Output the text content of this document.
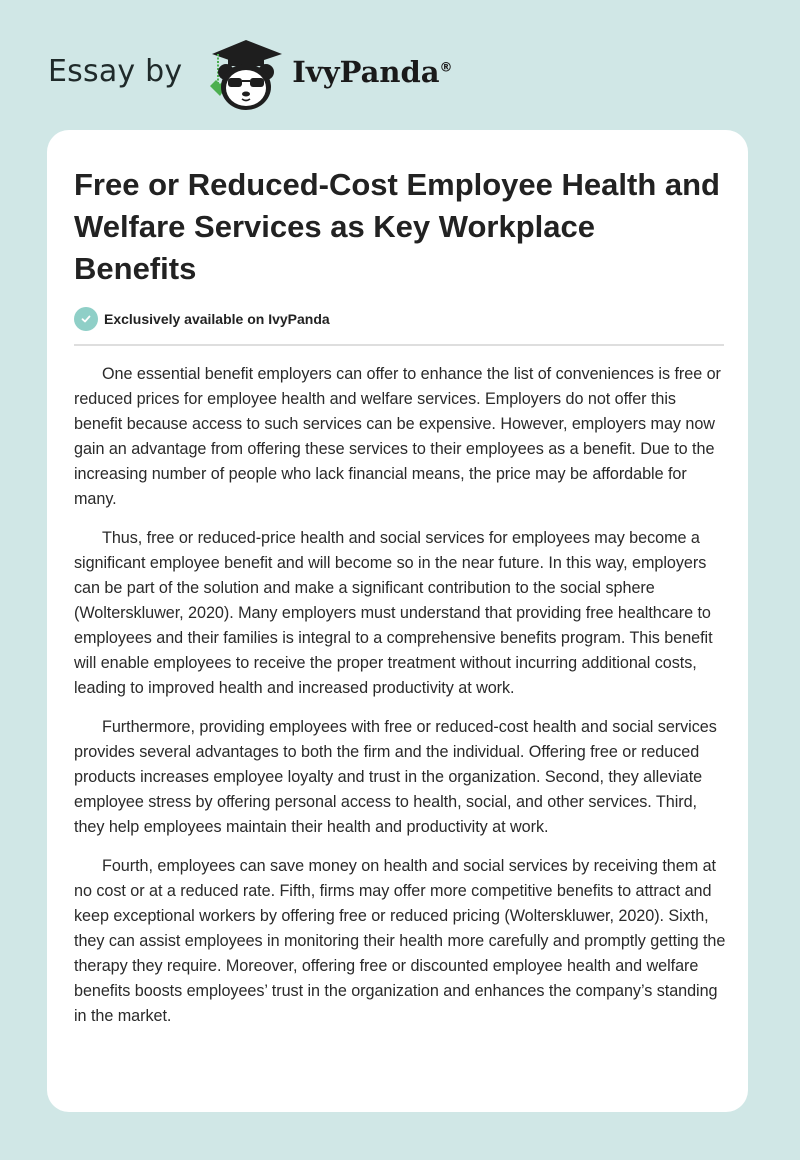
Essay by	IvyPanda®
Free or Reduced-Cost Employee Health and Welfare Services as Key Workplace Benefits
Exclusively available on IvyPanda

One essential benefit employers can offer to enhance the list of conveniences is free or reduced prices for employee health and welfare services. Employers do not offer this benefit because access to such services can be expensive. However, employers may now gain an advantage from offering these services to their employees as a benefit. Due to the increasing number of people who lack financial means, the price may be affordable for many.

Thus, free or reduced-price health and social services for employees may become a significant employee benefit and will become so in the near future. In this way, employers can be part of the solution and make a significant contribution to the social sphere (Wolterskluwer, 2020). Many employers must understand that providing free healthcare to employees and their families is integral to a comprehensive benefits program. This benefit will enable employees to receive the proper treatment without incurring additional costs, leading to improved health and increased productivity at work.

Furthermore, providing employees with free or reduced-cost health and social services provides several advantages to both the firm and the individual. Offering free or reduced products increases employee loyalty and trust in the organization. Second, they alleviate employee stress by offering personal access to health, social, and other services. Third, they help employees maintain their health and productivity at work.

Fourth, employees can save money on health and social services by receiving them at no cost or at a reduced rate. Fifth, firms may offer more competitive benefits to attract and keep exceptional workers by offering free or reduced pricing (Wolterskluwer, 2020). Sixth, they can assist employees in monitoring their health more carefully and promptly getting the therapy they require. Moreover, offering free or discounted employee health and welfare benefits boosts employees’ trust in the organization and enhances the company’s standing in the market.
